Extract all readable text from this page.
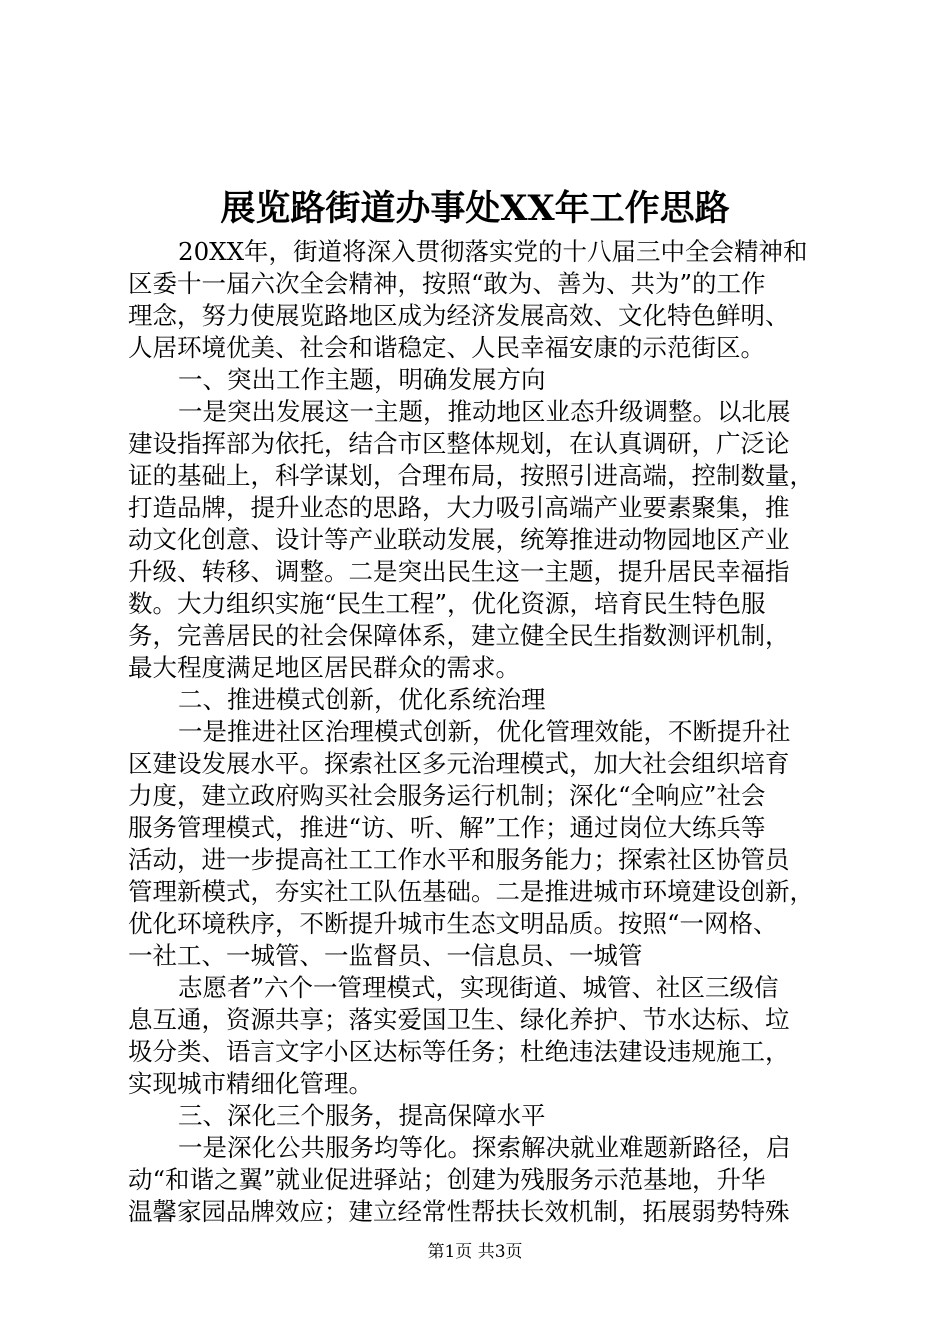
展览路街道办事处XX年工作思路
20XX年，街道将深入贯彻落实党的十八届三中全会精神和
区委十一届六次全会精神，按照“敢为、善为、共为”的工作
理念，努力使展览路地区成为经济发展高效、文化特色鲜明、
人居环境优美、社会和谐稳定、人民幸福安康的示范街区。
一、突出工作主题，明确发展方向
一是突出发展这一主题，推动地区业态升级调整。以北展
建设指挥部为依托，结合市区整体规划，在认真调研，广泛论
证的基础上，科学谋划，合理布局，按照引进高端，控制数量，
打造品牌，提升业态的思路，大力吸引高端产业要素聚集，推
动文化创意、设计等产业联动发展，统筹推进动物园地区产业
升级、转移、调整。二是突出民生这一主题，提升居民幸福指
数。大力组织实施“民生工程”，优化资源，培育民生特色服
务，完善居民的社会保障体系，建立健全民生指数测评机制，
最大程度满足地区居民群众的需求。
二、推进模式创新，优化系统治理
一是推进社区治理模式创新，优化管理效能，不断提升社
区建设发展水平。探索社区多元治理模式，加大社会组织培育
力度，建立政府购买社会服务运行机制；深化“全响应”社会
服务管理模式，推进“访、听、解”工作；通过岗位大练兵等
活动，进一步提高社工工作水平和服务能力；探索社区协管员
管理新模式，夯实社工队伍基础。二是推进城市环境建设创新，
优化环境秩序，不断提升城市生态文明品质。按照“一网格、
一社工、一城管、一监督员、一信息员、一城管
志愿者”六个一管理模式，实现街道、城管、社区三级信
息互通，资源共享；落实爱国卫生、绿化养护、节水达标、垃
圾分类、语言文字小区达标等任务；杜绝违法建设违规施工，
实现城市精细化管理。
三、深化三个服务，提高保障水平
一是深化公共服务均等化。探索解决就业难题新路径，启
动“和谐之翼”就业促进驿站；创建为残服务示范基地，升华
温馨家园品牌效应；建立经常性帮扶长效机制，拓展弱势特殊
第1页 共3页
